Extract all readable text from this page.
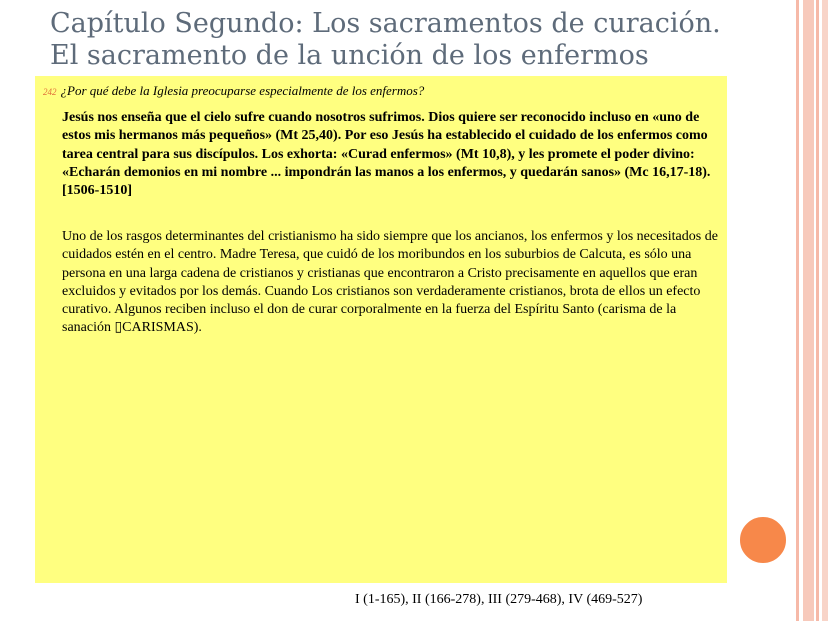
Capítulo Segundo: Los sacramentos de curación. El sacramento de la unción de los enfermos
242 ¿Por qué debe la Iglesia preocuparse especialmente de los enfermos?

Jesús nos enseña que el cielo sufre cuando nosotros sufrimos. Dios quiere ser reconocido incluso en «uno de estos mis hermanos más pequeños» (Mt 25,40). Por eso Jesús ha establecido el cuidado de los enfermos como tarea central para sus discípulos. Los exhorta: «Curad enfermos» (Mt 10,8), y les promete el poder divino: «Echarán demonios en mi nombre ... impondrán las manos a los enfermos, y quedarán sanos» (Mc 16,17-18). [1506-1510]

Uno de los rasgos determinantes del cristianismo ha sido siempre que los ancianos, los enfermos y los necesitados de cuidados estén en el centro. Madre Teresa, que cuidó de los moribundos en los suburbios de Calcuta, es sólo una persona en una larga cadena de cristianos y cristianas que encontraron a Cristo precisamente en aquellos que eran excluidos y evitados por los demás. Cuando Los cristianos son verdaderamente cristianos, brota de ellos un efecto curativo. Algunos reciben incluso el don de curar corporalmente en la fuerza del Espíritu Santo (carisma de la sanación ▯CARISMAS).

I (1-165), II (166-278), III (279-468), IV (469-527)
